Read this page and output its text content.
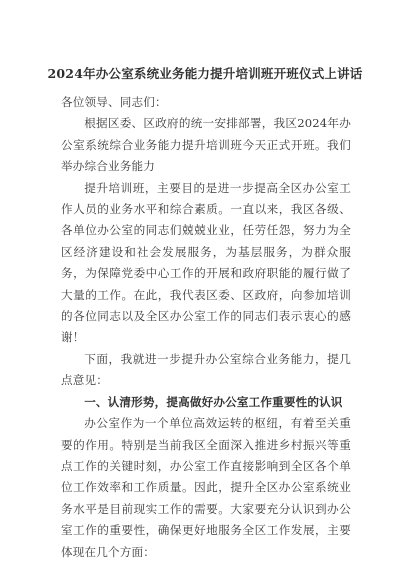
2024年办公室系统业务能力提升培训班开班仪式上讲话

各位领导、同志们：

根据区委、区政府的统一安排部署，我区2024年办公室系统综合业务能力提升培训班今天正式开班。我们举办综合业务能力

提升培训班，主要目的是进一步提高全区办公室工作人员的业务水平和综合素质。一直以来，我区各级、各单位办公室的同志们兢兢业业，任劳任怨，努力为全区经济建设和社会发展服务，为基层服务，为群众服务，为保障党委中心工作的开展和政府职能的履行做了大量的工作。在此，我代表区委、区政府，向参加培训的各位同志以及全区办公室工作的同志们表示衷心的感谢！

下面，我就进一步提升办公室综合业务能力，提几点意见：

一、认清形势，提高做好办公室工作重要性的认识

办公室作为一个单位高效运转的枢纽，有着至关重要的作用。特别是当前我区全面深入推进乡村振兴等重点工作的关键时刻，办公室工作直接影响到全区各个单位工作效率和工作质量。因此，提升全区办公室系统业务水平是目前现实工作的需要。大家要充分认识到办公室工作的重要性，确保更好地服务全区工作发展，主要体现在几个方面：
